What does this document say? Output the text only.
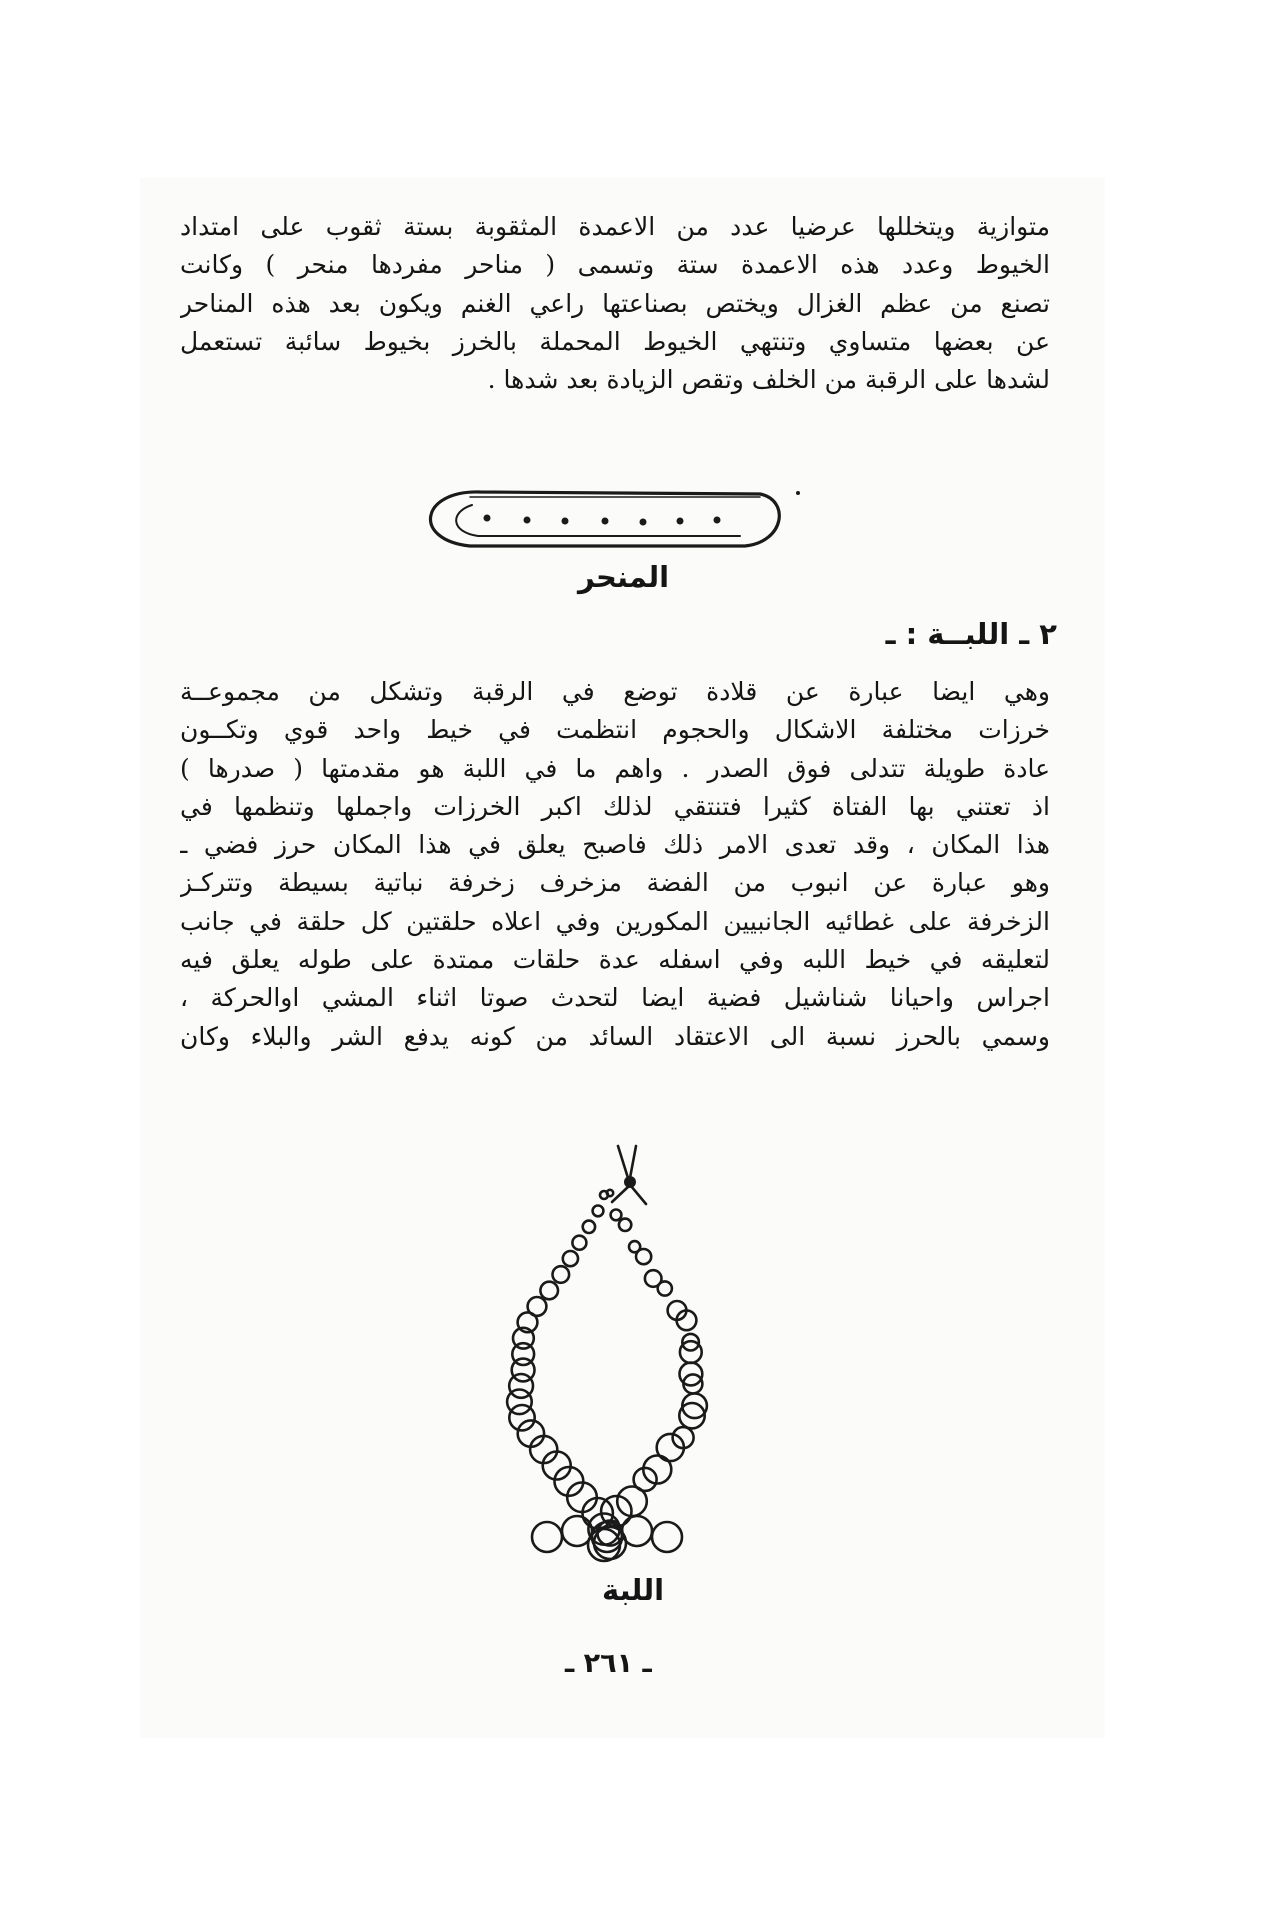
متوازية ويتخللها عرضيا عدد من الاعمدة المثقوبة بستة ثقوب على امتداد
الخيوط وعدد هذه الاعمدة ستة وتسمى ( مناحر مفردها منحر ) وكانت
تصنع من عظم الغزال ويختص بصناعتها راعي الغنم ويكون بعد هذه المناحر
عن بعضها متساوي وتنتهي الخيوط المحملة بالخرز بخيوط سائبة تستعمل
لشدها على الرقبة من الخلف وتقص الزيادة بعد شدها .
المنحر
٢ ـ اللبــة : ـ
وهي ايضا عبارة عن قلادة توضع في الرقبة وتشكل من مجموعــة
خرزات مختلفة الاشكال والحجوم انتظمت في خيط واحد قوي وتكــون
عادة طويلة تتدلى فوق الصدر . واهم ما في اللبة هو مقدمتها ( صدرها )
اذ تعتني بها الفتاة كثيرا فتنتقي لذلك اكبر الخرزات واجملها وتنظمها في
هذا المكان ، وقد تعدى الامر ذلك فاصبح يعلق في هذا المكان حرز فضي ـ
وهو عبارة عن انبوب من الفضة مزخرف زخرفة نباتية بسيطة وتتركـز
الزخرفة على غطائيه الجانبيين المكورين وفي اعلاه حلقتين كل حلقة في جانب
لتعليقه في خيط اللبه وفي اسفله عدة حلقات ممتدة على طوله يعلق فيه
اجراس واحيانا شناشيل فضية ايضا لتحدث صوتا اثناء المشي اوالحركة ،
وسمي بالحرز نسبة الى الاعتقاد السائد من كونه يدفع الشر والبلاء وكان
اللبة
ـ ٢٦١ ـ
